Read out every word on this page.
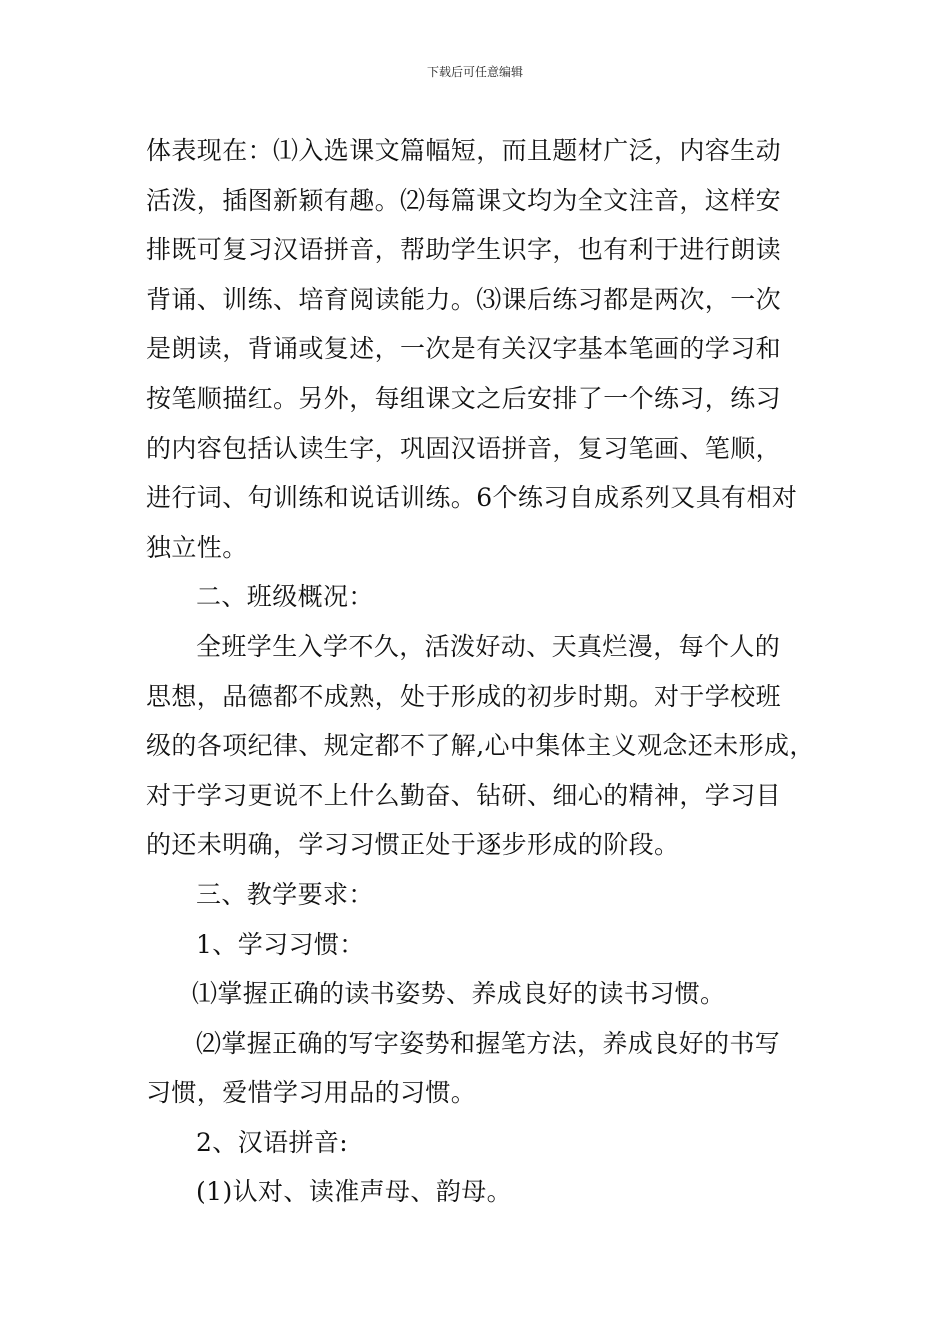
下载后可任意编辑
体表现在：⑴入选课文篇幅短，而且题材广泛，内容生动
活泼，插图新颖有趣。⑵每篇课文均为全文注音，这样安
排既可复习汉语拼音，帮助学生识字，也有利于进行朗读
背诵、训练、培育阅读能力。⑶课后练习都是两次，一次
是朗读，背诵或复述，一次是有关汉字基本笔画的学习和
按笔顺描红。另外，每组课文之后安排了一个练习，练习
的内容包括认读生字，巩固汉语拼音，复习笔画、笔顺，
进行词、句训练和说话训练。6个练习自成系列又具有相对
独立性。
二、班级概况：
全班学生入学不久，活泼好动、天真烂漫，每个人的
思想，品德都不成熟，处于形成的初步时期。对于学校班
级的各项纪律、规定都不了解,心中集体主义观念还未形成，
对于学习更说不上什么勤奋、钻研、细心的精神，学习目
的还未明确，学习习惯正处于逐步形成的阶段。
三、教学要求：
1、学习习惯：
⑴掌握正确的读书姿势、养成良好的读书习惯。
⑵掌握正确的写字姿势和握笔方法，养成良好的书写
习惯，爱惜学习用品的习惯。
2、汉语拼音:
(1)认对、读准声母、韵母。
